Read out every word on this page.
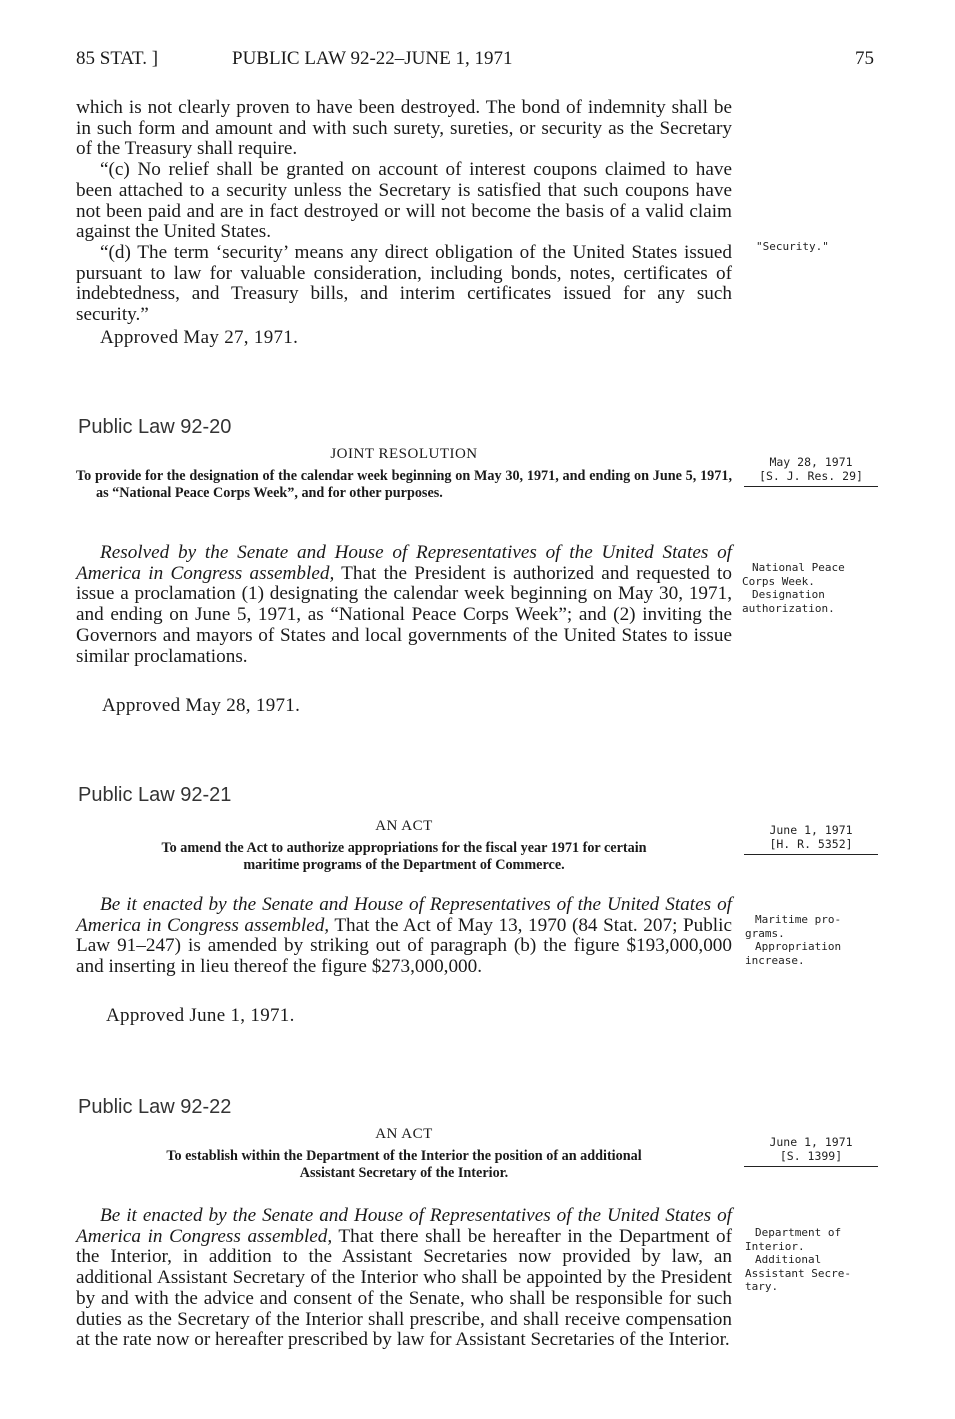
85 STAT. ]	PUBLIC LAW 92-22–JUNE 1, 1971	75

which is not clearly proven to have been destroyed. The bond of indemnity shall be in such form and amount and with such surety, sureties, or security as the Secretary of the Treasury shall require.

“(c) No relief shall be granted on account of interest coupons claimed to have been attached to a security unless the Secretary is satisfied that such coupons have not been paid and are in fact destroyed or will not become the basis of a valid claim against the United States.

“(d) The term ‘security’ means any direct obligation of the United States issued pursuant to law for valuable consideration, including bonds, notes, certificates of indebtedness, and Treasury bills, and interim certificates issued for any such security.”

Approved May 27, 1971.
"Security."
Public Law 92-20
JOINT RESOLUTION
To provide for the designation of the calendar week beginning on May 30, 1971, and ending on June 5, 1971, as “National Peace Corps Week”, and for other purposes.

Resolved by the Senate and House of Representatives of the United States of America in Congress assembled, That the President is authorized and requested to issue a proclamation (1) designating the calendar week beginning on May 30, 1971, and ending on June 5, 1971, as “National Peace Corps Week”; and (2) inviting the Governors and mayors of States and local governments of the United States to issue similar proclamations.

Approved May 28, 1971.
May 28, 1971
[S. J. Res. 29]
National Peace
Corps Week.
Designation
authorization.
Public Law 92-21
AN ACT
To amend the Act to authorize appropriations for the fiscal year 1971 for certain
maritime programs of the Department of Commerce.

Be it enacted by the Senate and House of Representatives of the United States of America in Congress assembled, That the Act of May 13, 1970 (84 Stat. 207; Public Law 91–247) is amended by striking out of paragraph (b) the figure $193,000,000 and inserting in lieu thereof the figure $273,000,000.

Approved June 1, 1971.
June 1, 1971
[H. R. 5352]
Maritime pro-
grams.
Appropriation
increase.
Public Law 92-22
AN ACT
To establish within the Department of the Interior the position of an additional
Assistant Secretary of the Interior.

Be it enacted by the Senate and House of Representatives of the United States of America in Congress assembled, That there shall be hereafter in the Department of the Interior, in addition to the Assistant Secretaries now provided by law, an additional Assistant Secretary of the Interior who shall be appointed by the President by and with the advice and consent of the Senate, who shall be responsible for such duties as the Secretary of the Interior shall prescribe, and shall receive compensation at the rate now or hereafter prescribed by law for Assistant Secretaries of the Interior.

June 1, 1971
[S. 1399]
Department of
Interior.
Additional
Assistant Secre-
tary.
